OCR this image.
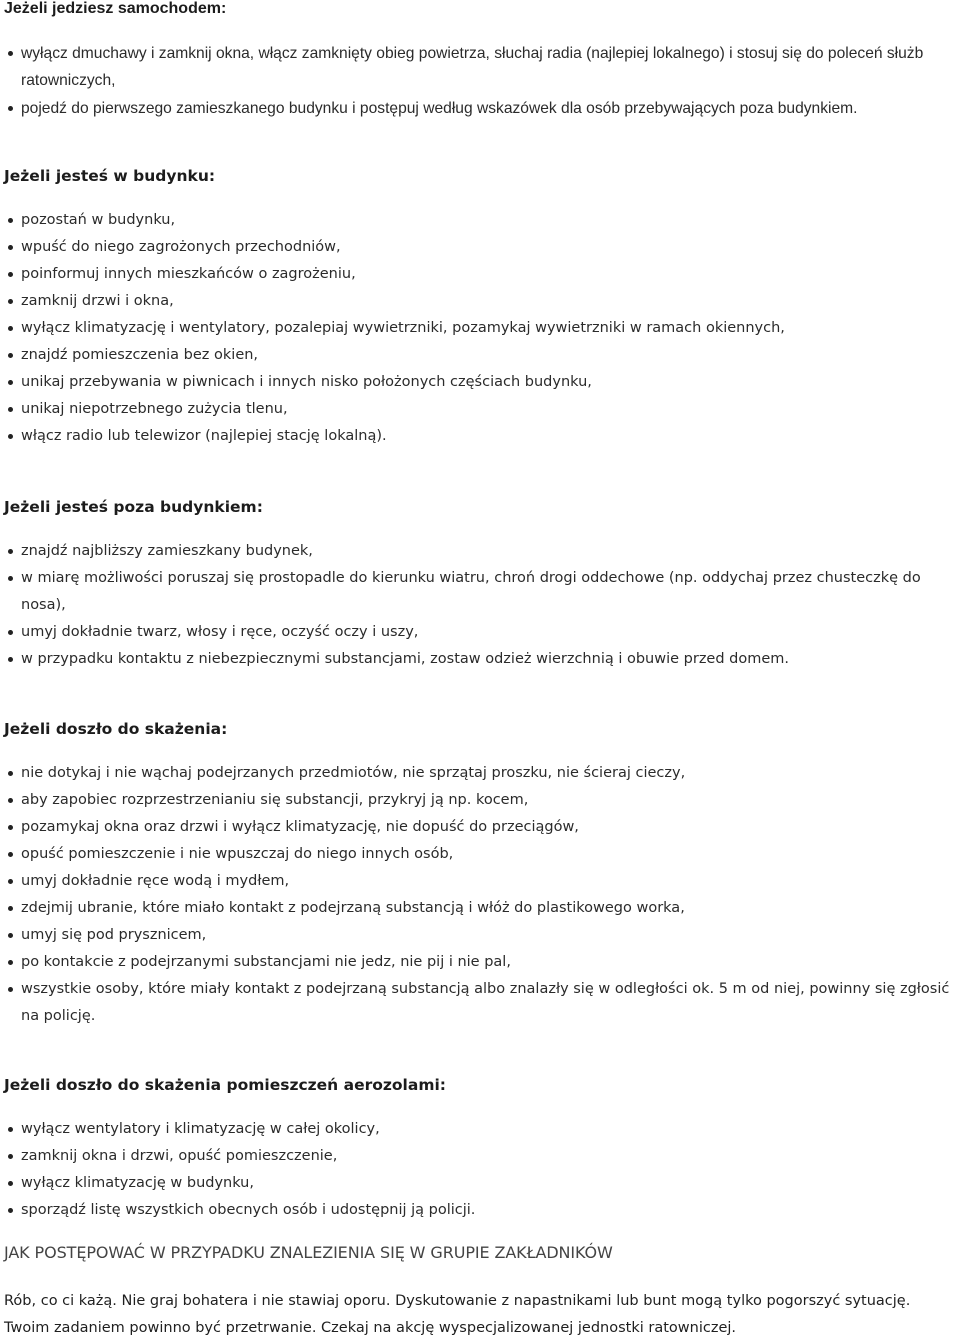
Jeżeli jedziesz samochodem:
wyłącz dmuchawy i zamknij okna, włącz zamknięty obieg powietrza, słuchaj radia (najlepiej lokalnego) i stosuj się do poleceń służb ratowniczych,
pojedź do pierwszego zamieszkanego budynku i postępuj według wskazówek dla osób przebywających poza budynkiem.
Jeżeli jesteś w budynku:
pozostań w budynku,
wpuść do niego zagrożonych przechodniów,
poinformuj innych mieszkańców o zagrożeniu,
zamknij drzwi i okna,
wyłącz klimatyzację i wentylatory, pozalepiaj wywietrzniki, pozamykaj wywietrzniki w ramach okiennych,
znajdź pomieszczenia bez okien,
unikaj przebywania w piwnicach i innych nisko położonych częściach budynku,
unikaj niepotrzebnego zużycia tlenu,
włącz radio lub telewizor (najlepiej stację lokalną).
Jeżeli jesteś poza budynkiem:
znajdź najbliższy zamieszkany budynek,
w miarę możliwości poruszaj się prostopadle do kierunku wiatru, chroń drogi oddechowe (np. oddychaj przez chusteczkę do nosa),
umyj dokładnie twarz, włosy i ręce, oczyść oczy i uszy,
w przypadku kontaktu z niebezpiecznymi substancjami, zostaw odzież wierzchnią i obuwie przed domem.
Jeżeli doszło do skażenia:
nie dotykaj i nie wąchaj podejrzanych przedmiotów, nie sprzątaj proszku, nie ścieraj cieczy,
aby zapobiec rozprzestrzenianiu się substancji, przykryj ją np. kocem,
pozamykaj okna oraz drzwi i wyłącz klimatyzację, nie dopuść do przeciągów,
opuść pomieszczenie i nie wpuszczaj do niego innych osób,
umyj dokładnie ręce wodą i mydłem,
zdejmij ubranie, które miało kontakt z podejrzaną substancją i włóż do plastikowego worka,
umyj się pod prysznicem,
po kontakcie z podejrzanymi substancjami nie jedz, nie pij i nie pal,
wszystkie osoby, które miały kontakt z podejrzaną substancją albo znalazły się w odległości ok. 5 m od niej, powinny się zgłosić na policję.
Jeżeli doszło do skażenia pomieszczeń aerozolami:
wyłącz wentylatory i klimatyzację w całej okolicy,
zamknij okna i drzwi, opuść pomieszczenie,
wyłącz klimatyzację w budynku,
sporządź listę wszystkich obecnych osób i udostępnij ją policji.
JAK POSTĘPOWAĆ W PRZYPADKU ZNALEZIENIA SIĘ W GRUPIE ZAKŁADNIKÓW

Rób, co ci każą. Nie graj bohatera i nie stawiaj oporu. Dyskutowanie z napastnikami lub bunt mogą tylko pogorszyć sytuację.

Twoim zadaniem powinno być przetrwanie. Czekaj na akcję wyspecjalizowanej jednostki ratowniczej.
